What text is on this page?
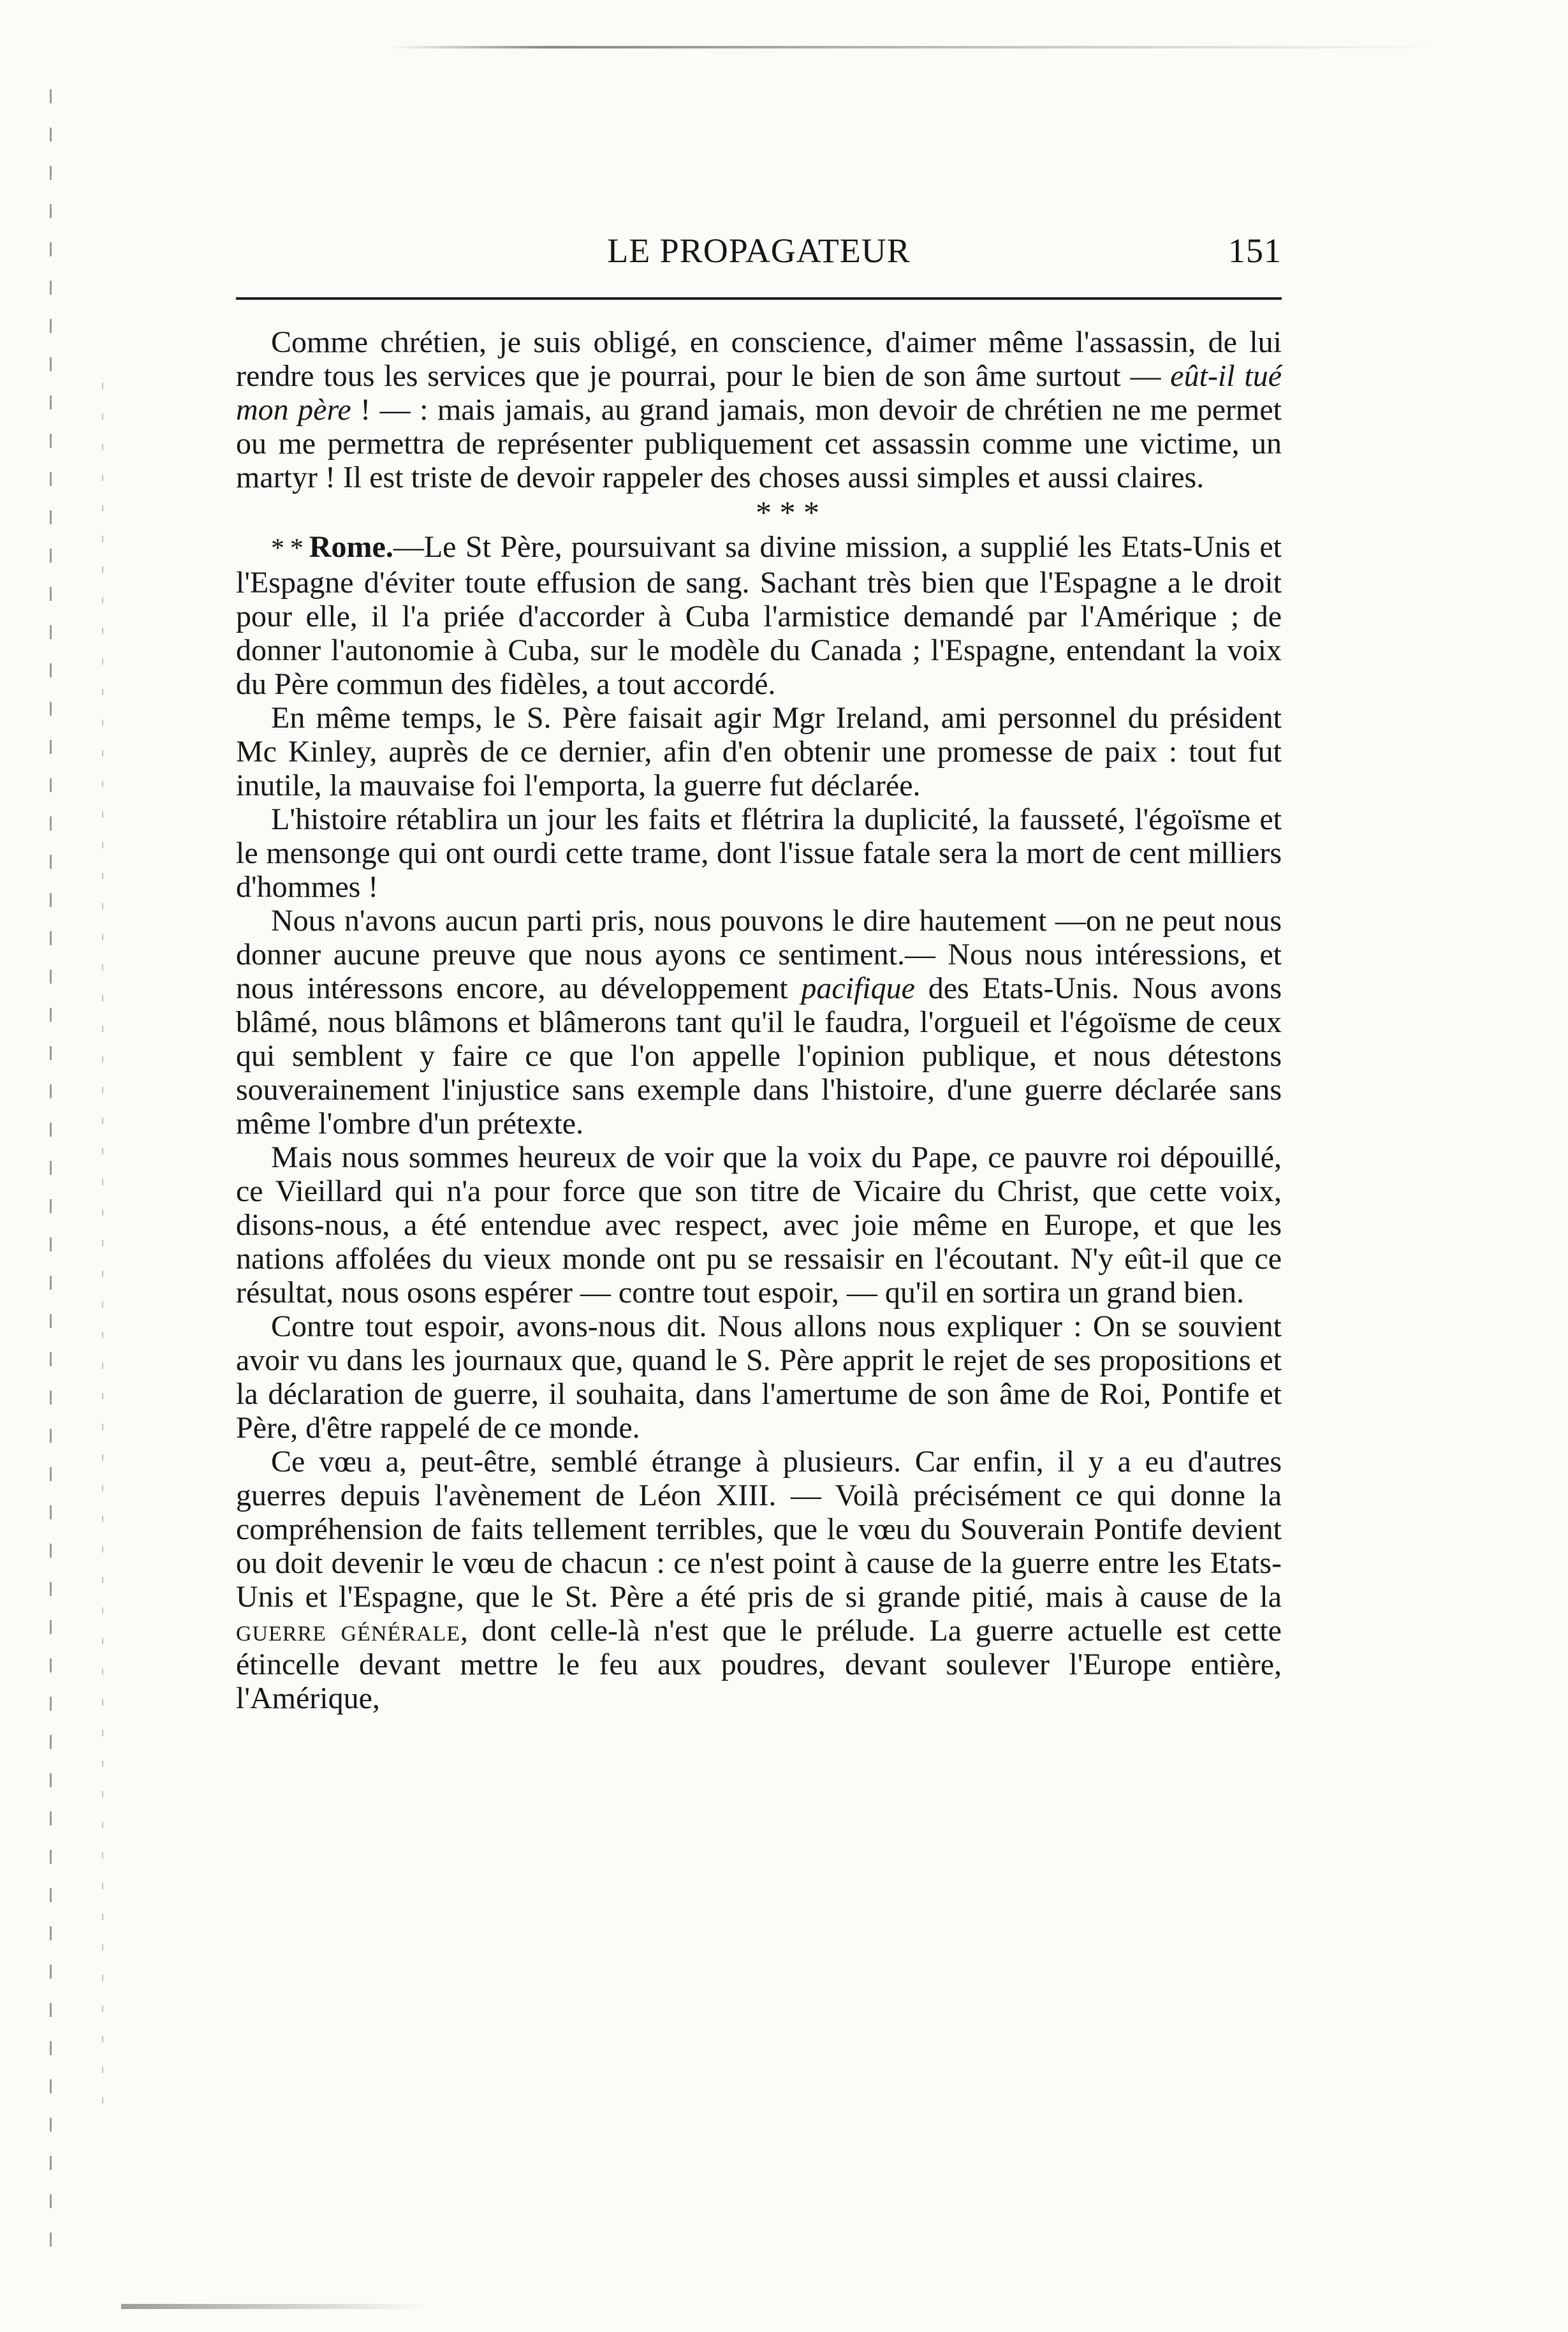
LE PROPAGATEUR	151

Comme chrétien, je suis obligé, en conscience, d'aimer même l'assassin, de lui rendre tous les services que je pourrai, pour le bien de son âme surtout — eût-il tué mon père ! — : mais jamais, au grand jamais, mon devoir de chrétien ne me permet ou me permettra de représenter publiquement cet assassin comme une victime, un martyr ! Il est triste de devoir rappeler des choses aussi simples et aussi claires.

* * *

* * Rome.—Le St Père, poursuivant sa divine mission, a supplié les Etats-Unis et l'Espagne d'éviter toute effusion de sang. Sachant très bien que l'Espagne a le droit pour elle, il l'a priée d'accorder à Cuba l'armistice demandé par l'Amérique ; de donner l'autonomie à Cuba, sur le modèle du Canada ; l'Espagne, entendant la voix du Père commun des fidèles, a tout accordé.

En même temps, le S. Père faisait agir Mgr Ireland, ami personnel du président Mc Kinley, auprès de ce dernier, afin d'en obtenir une promesse de paix : tout fut inutile, la mauvaise foi l'emporta, la guerre fut déclarée.

L'histoire rétablira un jour les faits et flétrira la duplicité, la fausseté, l'égoïsme et le mensonge qui ont ourdi cette trame, dont l'issue fatale sera la mort de cent milliers d'hommes !

Nous n'avons aucun parti pris, nous pouvons le dire hautement —on ne peut nous donner aucune preuve que nous ayons ce sentiment.— Nous nous intéressions, et nous intéressons encore, au développement pacifique des Etats-Unis. Nous avons blâmé, nous blâmons et blâmerons tant qu'il le faudra, l'orgueil et l'égoïsme de ceux qui semblent y faire ce que l'on appelle l'opinion publique, et nous détestons souverainement l'injustice sans exemple dans l'histoire, d'une guerre déclarée sans même l'ombre d'un prétexte.

Mais nous sommes heureux de voir que la voix du Pape, ce pauvre roi dépouillé, ce Vieillard qui n'a pour force que son titre de Vicaire du Christ, que cette voix, disons-nous, a été entendue avec respect, avec joie même en Europe, et que les nations affolées du vieux monde ont pu se ressaisir en l'écoutant. N'y eût-il que ce résultat, nous osons espérer — contre tout espoir, — qu'il en sortira un grand bien.

Contre tout espoir, avons-nous dit. Nous allons nous expliquer : On se souvient avoir vu dans les journaux que, quand le S. Père apprit le rejet de ses propositions et la déclaration de guerre, il souhaita, dans l'amertume de son âme de Roi, Pontife et Père, d'être rappelé de ce monde.

Ce vœu a, peut-être, semblé étrange à plusieurs. Car enfin, il y a eu d'autres guerres depuis l'avènement de Léon XIII. — Voilà précisément ce qui donne la compréhension de faits tellement terribles, que le vœu du Souverain Pontife devient ou doit devenir le vœu de chacun : ce n'est point à cause de la guerre entre les Etats-Unis et l'Espagne, que le St. Père a été pris de si grande pitié, mais à cause de la guerre générale, dont celle-là n'est que le prélude. La guerre actuelle est cette étincelle devant mettre le feu aux poudres, devant soulever l'Europe entière, l'Amérique,
